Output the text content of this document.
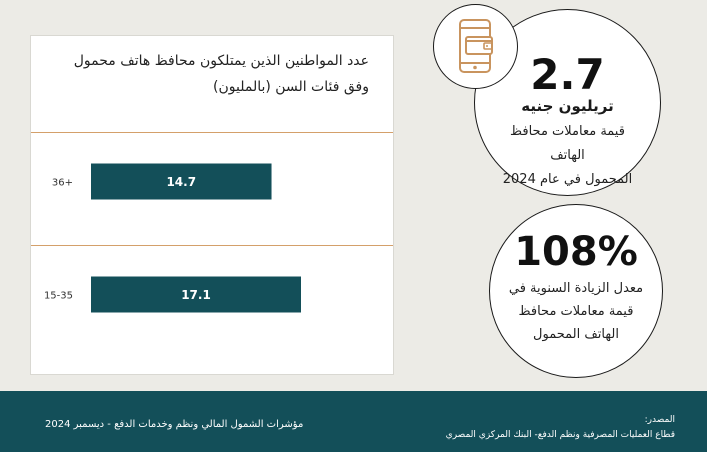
عدد المواطنين الذين يمتلكون محافظ هاتف محمول
وفق فئات السن (بالمليون)
14.7
36+
17.1
15-35
2.7
تريليون جنيه
قيمة معاملات محافظ الهاتف
المحمول في عام 2024
108%
معدل الزيادة السنوية في
قيمة معاملات محافظ
الهاتف المحمول
مؤشرات الشمول المالي ونظم وخدمات الدفع - ديسمبر 2024	المصدر:
قطاع العمليات المصرفية ونظم الدفع- البنك المركزي المصري
